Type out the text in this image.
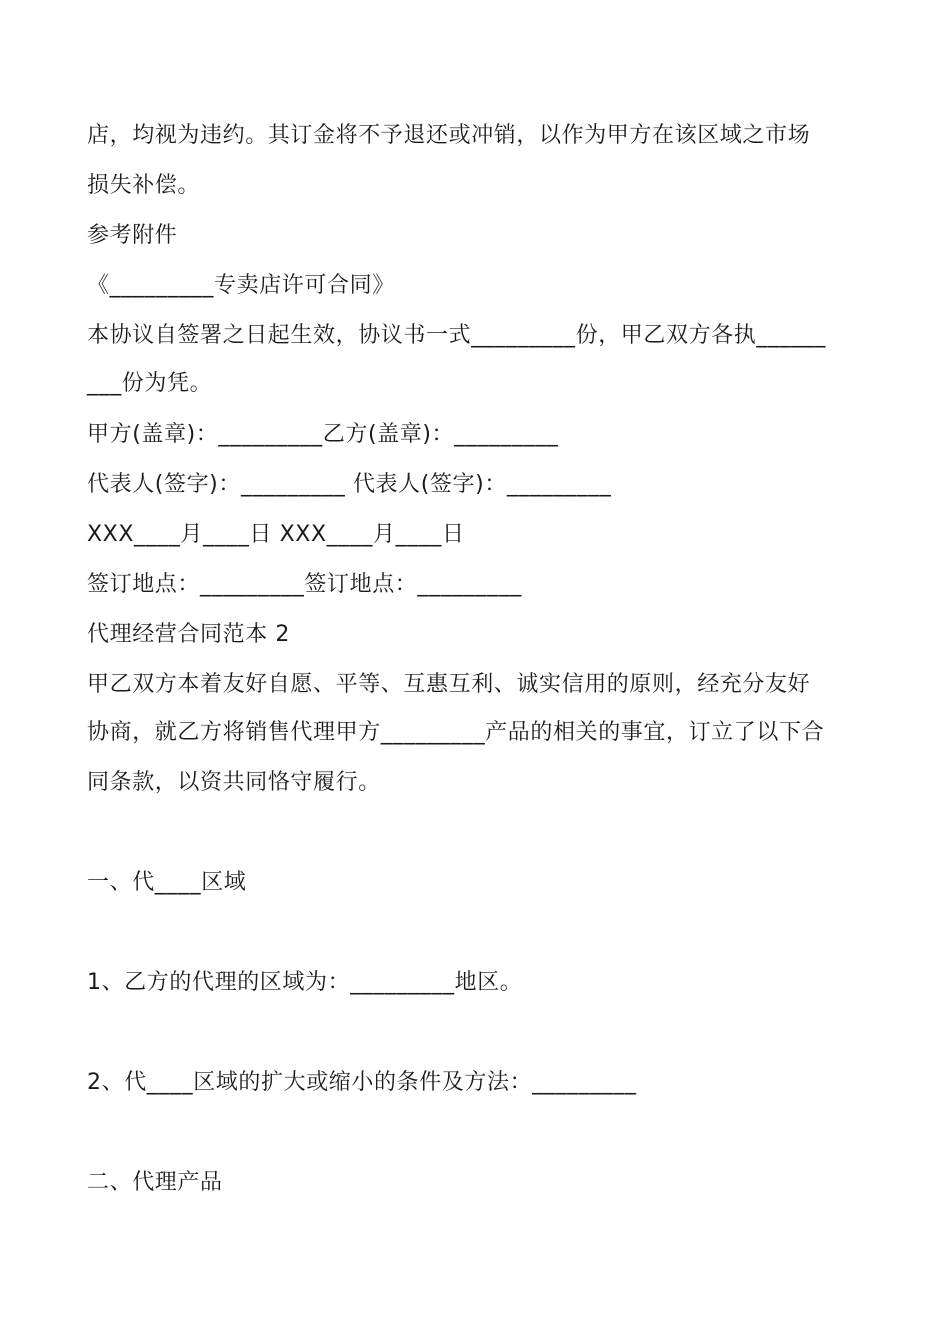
店，均视为违约。其订金将不予退还或冲销，以作为甲方在该区域之市场
损失补偿。
参考附件
《_________专卖店许可合同》
本协议自签署之日起生效，协议书一式_________份，甲乙双方各执______
___份为凭。
甲方(盖章)：_________乙方(盖章)：_________
代表人(签字)：_________ 代表人(签字)：_________
XXX____月____日 XXX____月____日
签订地点：_________签订地点：_________
代理经营合同范本 2
甲乙双方本着友好自愿、平等、互惠互利、诚实信用的原则，经充分友好
协商，就乙方将销售代理甲方_________产品的相关的事宜，订立了以下合
同条款，以资共同恪守履行。
一、代____区域
1、乙方的代理的区域为：_________地区。
2、代____区域的扩大或缩小的条件及方法：_________
二、代理产品
